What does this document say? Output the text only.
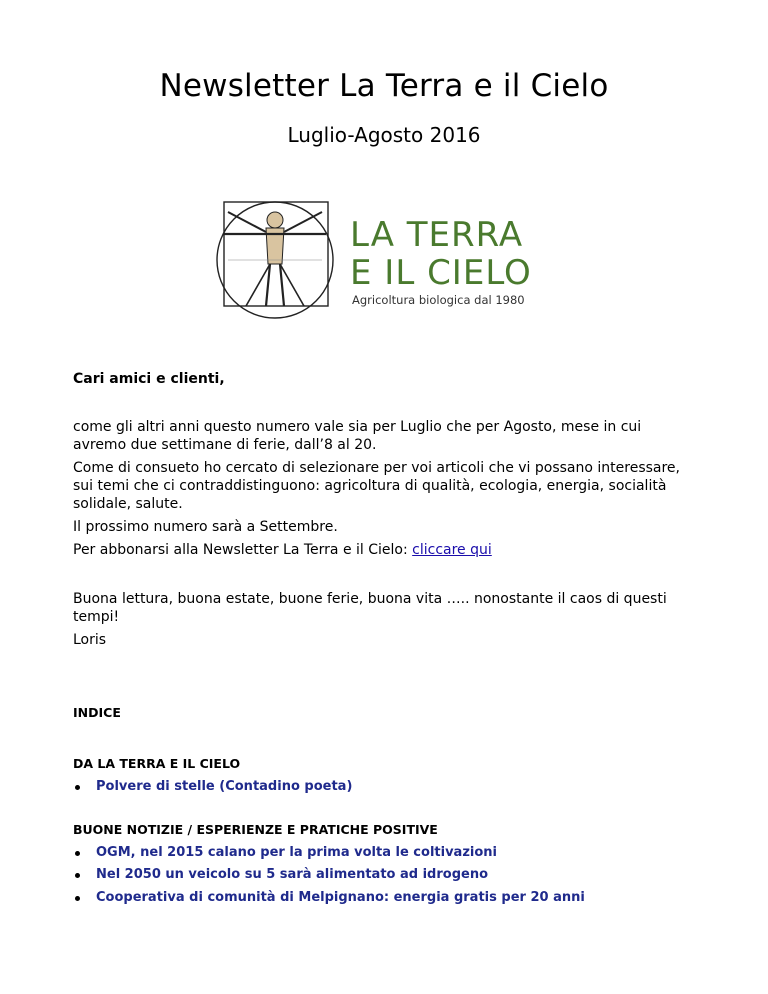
Newsletter La Terra e il Cielo
Luglio-Agosto 2016
LA TERRA
E IL CIELO
Agricoltura biologica dal 1980
Cari amici e clienti,
come gli altri anni questo numero vale sia per Luglio che per Agosto, mese in cui avremo due settimane di ferie, dall’8 al 20.
Come di consueto ho cercato di selezionare per voi articoli che vi possano interessare, sui temi che ci contraddistinguono: agricoltura di qualità, ecologia, energia, socialità solidale, salute.
Il prossimo numero sarà a Settembre.
Per abbonarsi alla Newsletter La Terra e il Cielo: cliccare qui
Buona lettura, buona estate, buone ferie, buona vita ….. nonostante il caos di questi tempi!
Loris
INDICE
DA LA TERRA E IL CIELO
Polvere di stelle (Contadino poeta)
BUONE NOTIZIE / ESPERIENZE E PRATICHE POSITIVE
OGM, nel 2015 calano per la prima volta le coltivazioni
Nel 2050 un veicolo su 5 sarà alimentato ad idrogeno
Cooperativa di comunità di Melpignano: energia gratis per 20 anni
